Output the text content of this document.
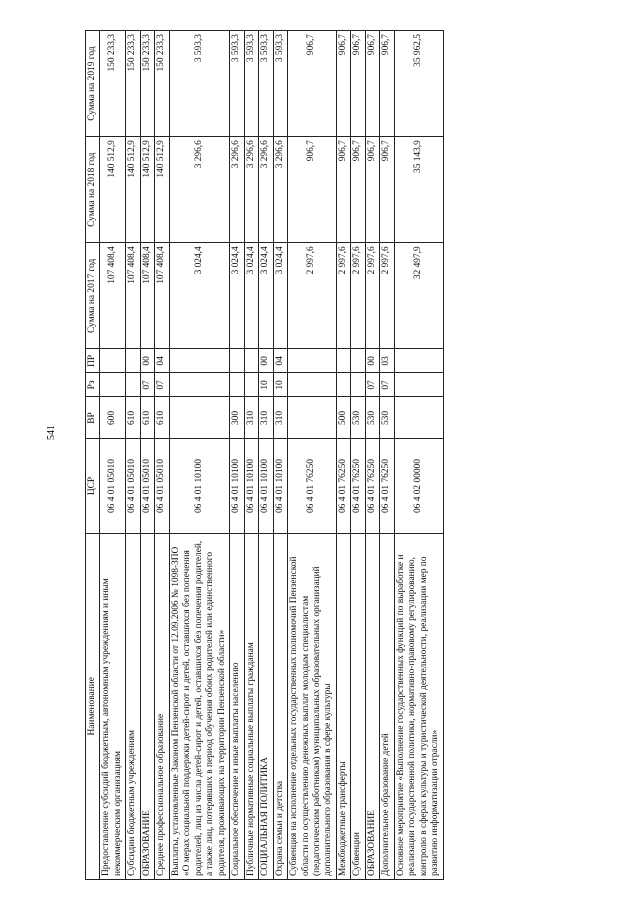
541
Наименование	ЦСР	ВР	Рз	ПР	Сумма на 2017 год	Сумма на 2018 год	Сумма на 2019 год
Предоставление субсидий бюджетным, автономным учреждениям и иным некоммерческим организациям	06 4 01 05010	600			107 408,4	140 512,9	150 233,3
Субсидии бюджетным учреждениям	06 4 01 05010	610			107 408,4	140 512,9	150 233,3
ОБРАЗОВАНИЕ	06 4 01 05010	610	07	00	107 408,4	140 512,9	150 233,3
Среднее профессиональное образование	06 4 01 05010	610	07	04	107 408,4	140 512,9	150 233,3
Выплаты, установленные Законом Пензенской области от 12.09.2006 № 1098-ЗПО «О мерах социальной поддержки детей-сирот и детей, оставшихся без попечения родителей, лиц из числа детей-сирот и детей, оставшихся без попечения родителей, а также лиц, потерявших в период обучения обоих родителей или единственного родителя, проживающих на территории Пензенской области»	06 4 01 10100				3 024,4	3 296,6	3 593,3
Социальное обеспечение и иные выплаты населению	06 4 01 10100	300			3 024,4	3 296,6	3 593,3
Публичные нормативные социальные выплаты гражданам	06 4 01 10100	310			3 024,4	3 296,6	3 593,3
СОЦИАЛЬНАЯ ПОЛИТИКА	06 4 01 10100	310	10	00	3 024,4	3 296,6	3 593,3
Охрана семьи и детства	06 4 01 10100	310	10	04	3 024,4	3 296,6	3 593,3
Субвенция на исполнение отдельных государственных полномочий Пензенской области по осуществлению денежных выплат молодым специалистам (педагогическим работникам) муниципальных образовательных организаций дополнительного образования в сфере культуры	06 4 01 76250				2 997,6	906,7	906,7
Межбюджетные трансферты	06 4 01 76250	500			2 997,6	906,7	906,7
Субвенции	06 4 01 76250	530			2 997,6	906,7	906,7
ОБРАЗОВАНИЕ	06 4 01 76250	530	07	00	2 997,6	906,7	906,7
Дополнительное образование детей	06 4 01 76250	530	07	03	2 997,6	906,7	906,7
Основное мероприятие «Выполнение государственных функций по выработке и реализации государственной политики, нормативно-правовому регулированию, контролю в сферах культуры и туристической деятельности, реализации мер по развитию информатизации отрасли»	06 4 02 00000				32 497,9	35 143,9	35 962,5
